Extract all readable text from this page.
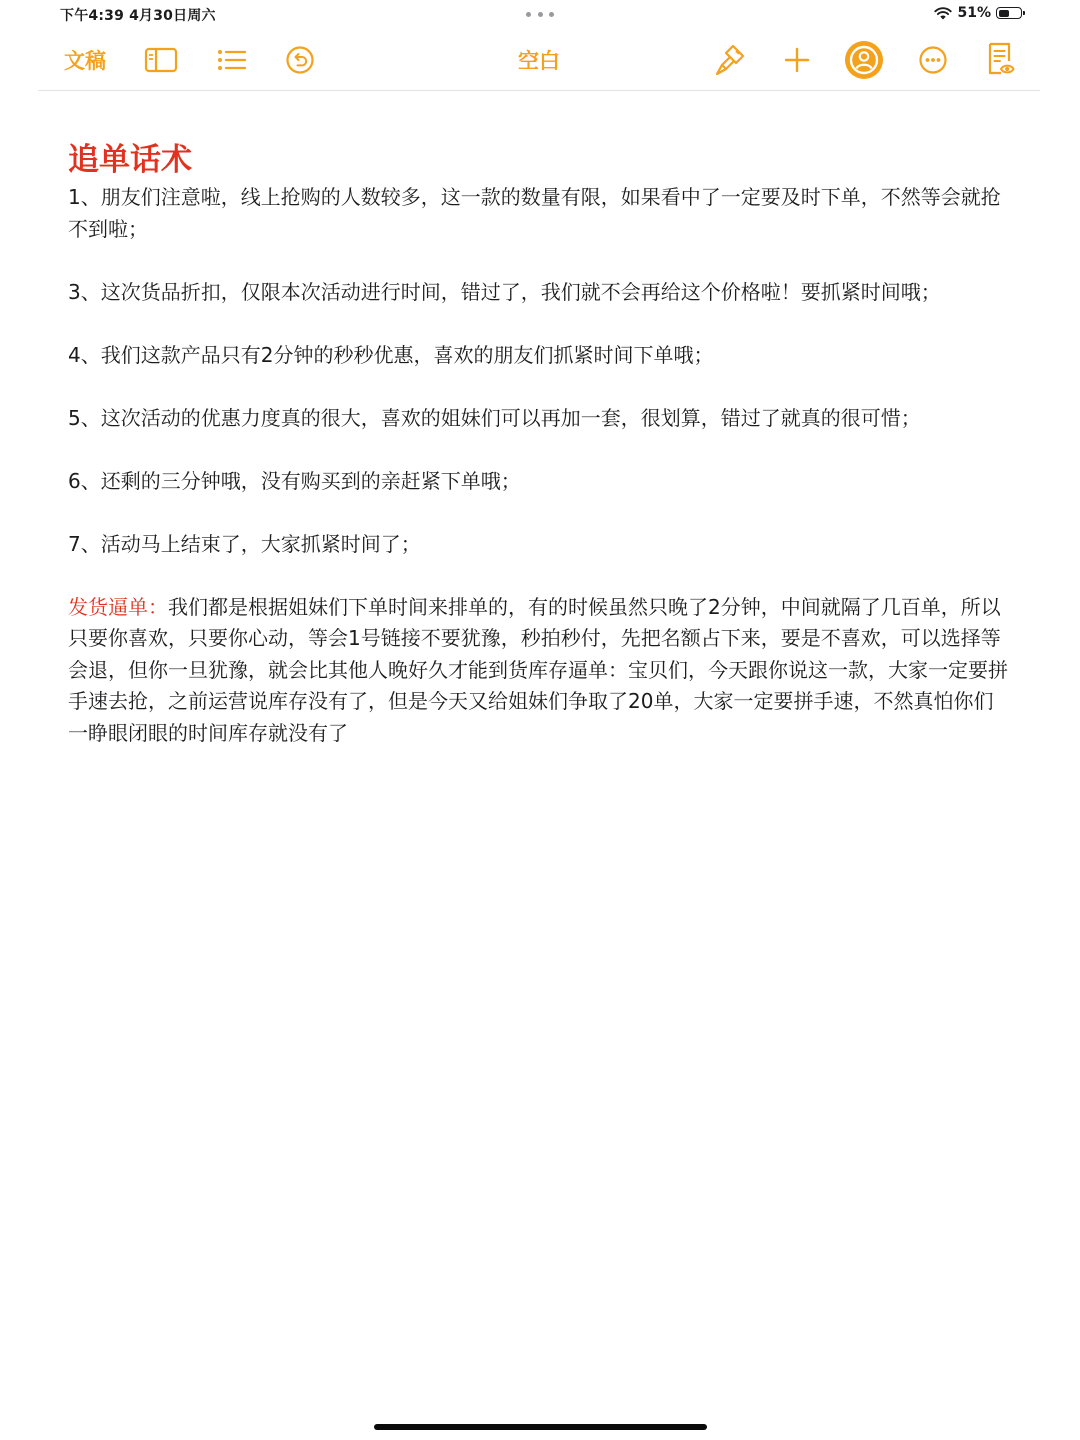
下午4:39 4月30日周六	51%
文稿	空白
追单话术

1、朋友们注意啦，线上抢购的人数较多，这一款的数量有限，如果看中了一定要及时下单，不然等会就抢不到啦；

3、这次货品折扣，仅限本次活动进行时间，错过了，我们就不会再给这个价格啦！要抓紧时间哦；

4、我们这款产品只有2分钟的秒秒优惠，喜欢的朋友们抓紧时间下单哦；

5、这次活动的优惠力度真的很大，喜欢的姐妹们可以再加一套，很划算，错过了就真的很可惜；

6、还剩的三分钟哦，没有购买到的亲赶紧下单哦；

7、活动马上结束了，大家抓紧时间了；

发货逼单：我们都是根据姐妹们下单时间来排单的，有的时候虽然只晚了2分钟，中间就隔了几百单，所以只要你喜欢，只要你心动，等会1号链接不要犹豫，秒拍秒付，先把名额占下来，要是不喜欢，可以选择等会退，但你一旦犹豫，就会比其他人晚好久才能到货库存逼单：宝贝们，今天跟你说这一款，大家一定要拼手速去抢，之前运营说库存没有了，但是今天又给姐妹们争取了20单，大家一定要拼手速，不然真怕你们一睁眼闭眼的时间库存就没有了
